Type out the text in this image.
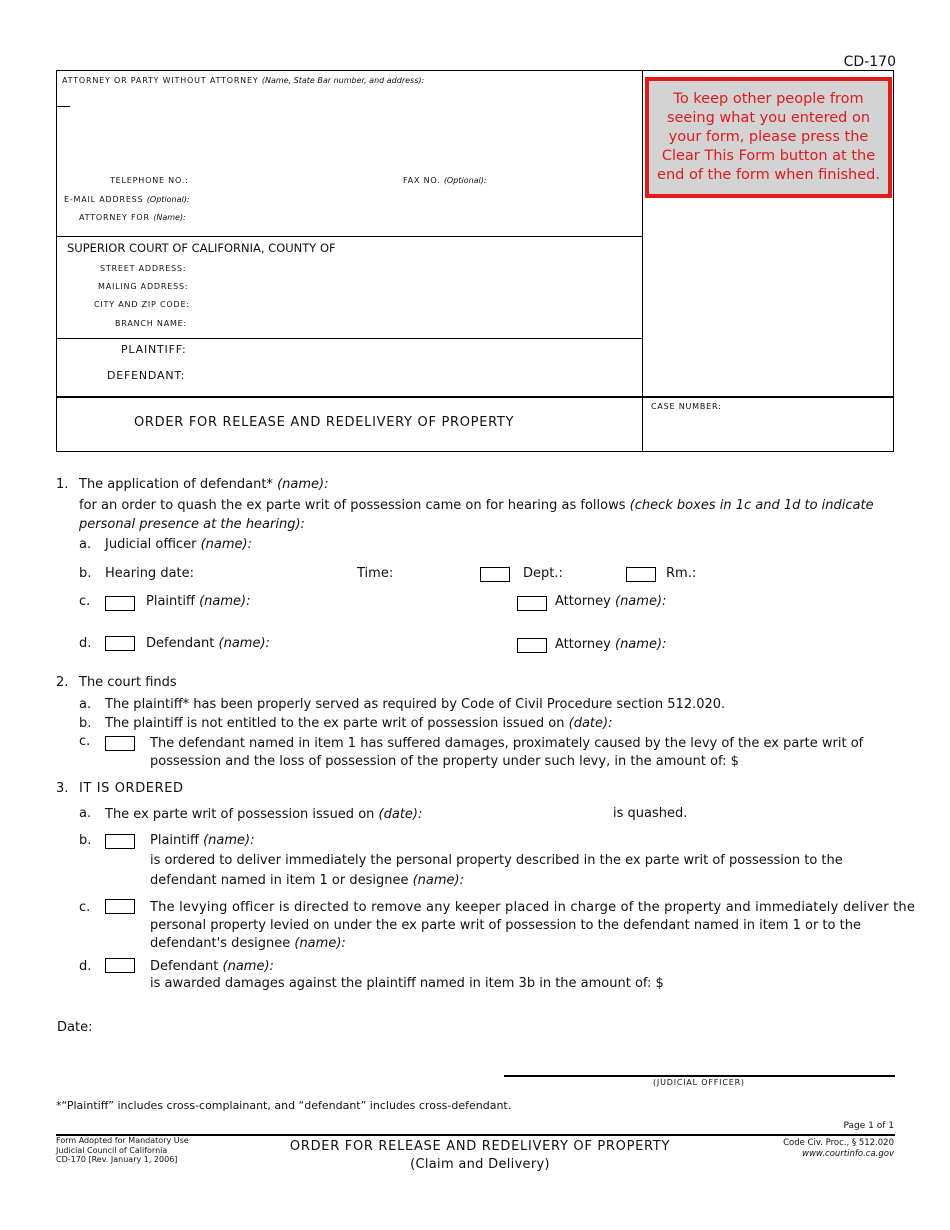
CD-170
ATTORNEY OR PARTY WITHOUT ATTORNEY (Name, State Bar number, and address):
TELEPHONE NO.:	FAX NO. (Optional):
E-MAIL ADDRESS (Optional):
ATTORNEY FOR (Name):
SUPERIOR COURT OF CALIFORNIA, COUNTY OF
STREET ADDRESS:
MAILING ADDRESS:
CITY AND ZIP CODE:
BRANCH NAME:
PLAINTIFF:
DEFENDANT:
ORDER FOR RELEASE AND REDELIVERY OF PROPERTY
CASE NUMBER:
To keep other people from seeing what you entered on your form, please press the Clear This Form button at the end of the form when finished.
1. The application of defendant* (name):
for an order to quash the ex parte writ of possession came on for hearing as follows (check boxes in 1c and 1d to indicate
personal presence at the hearing):
a. Judicial officer (name):
b. Hearing date:	Time:	Dept.:	Rm.:
c.	Plaintiff (name):	Attorney (name):
d.	Defendant (name):	Attorney (name):
2. The court finds
a. The plaintiff* has been properly served as required by Code of Civil Procedure section 512.020.
b. The plaintiff is not entitled to the ex parte writ of possession issued on (date):
c.	The defendant named in item 1 has suffered damages, proximately caused by the levy of the ex parte writ of
possession and the loss of possession of the property under such levy, in the amount of: $
3. IT IS ORDERED
a. The ex parte writ of possession issued on (date):	is quashed.
b.	Plaintiff (name):
is ordered to deliver immediately the personal property described in the ex parte writ of possession to the
defendant named in item 1 or designee (name):
c.	The levying officer is directed to remove any keeper placed in charge of the property and immediately deliver the
personal property levied on under the ex parte writ of possession to the defendant named in item 1 or to the
defendant's designee (name):
d.	Defendant (name):
is awarded damages against the plaintiff named in item 3b in the amount of: $
Date:
(JUDICIAL OFFICER)
*“Plaintiff” includes cross-complainant, and “defendant” includes cross-defendant.
Page 1 of 1
Form Adopted for Mandatory Use
Judicial Council of California
CD-170 [Rev. January 1, 2006]
ORDER FOR RELEASE AND REDELIVERY OF PROPERTY
(Claim and Delivery)
Code Civ. Proc., § 512.020
www.courtinfo.ca.gov
